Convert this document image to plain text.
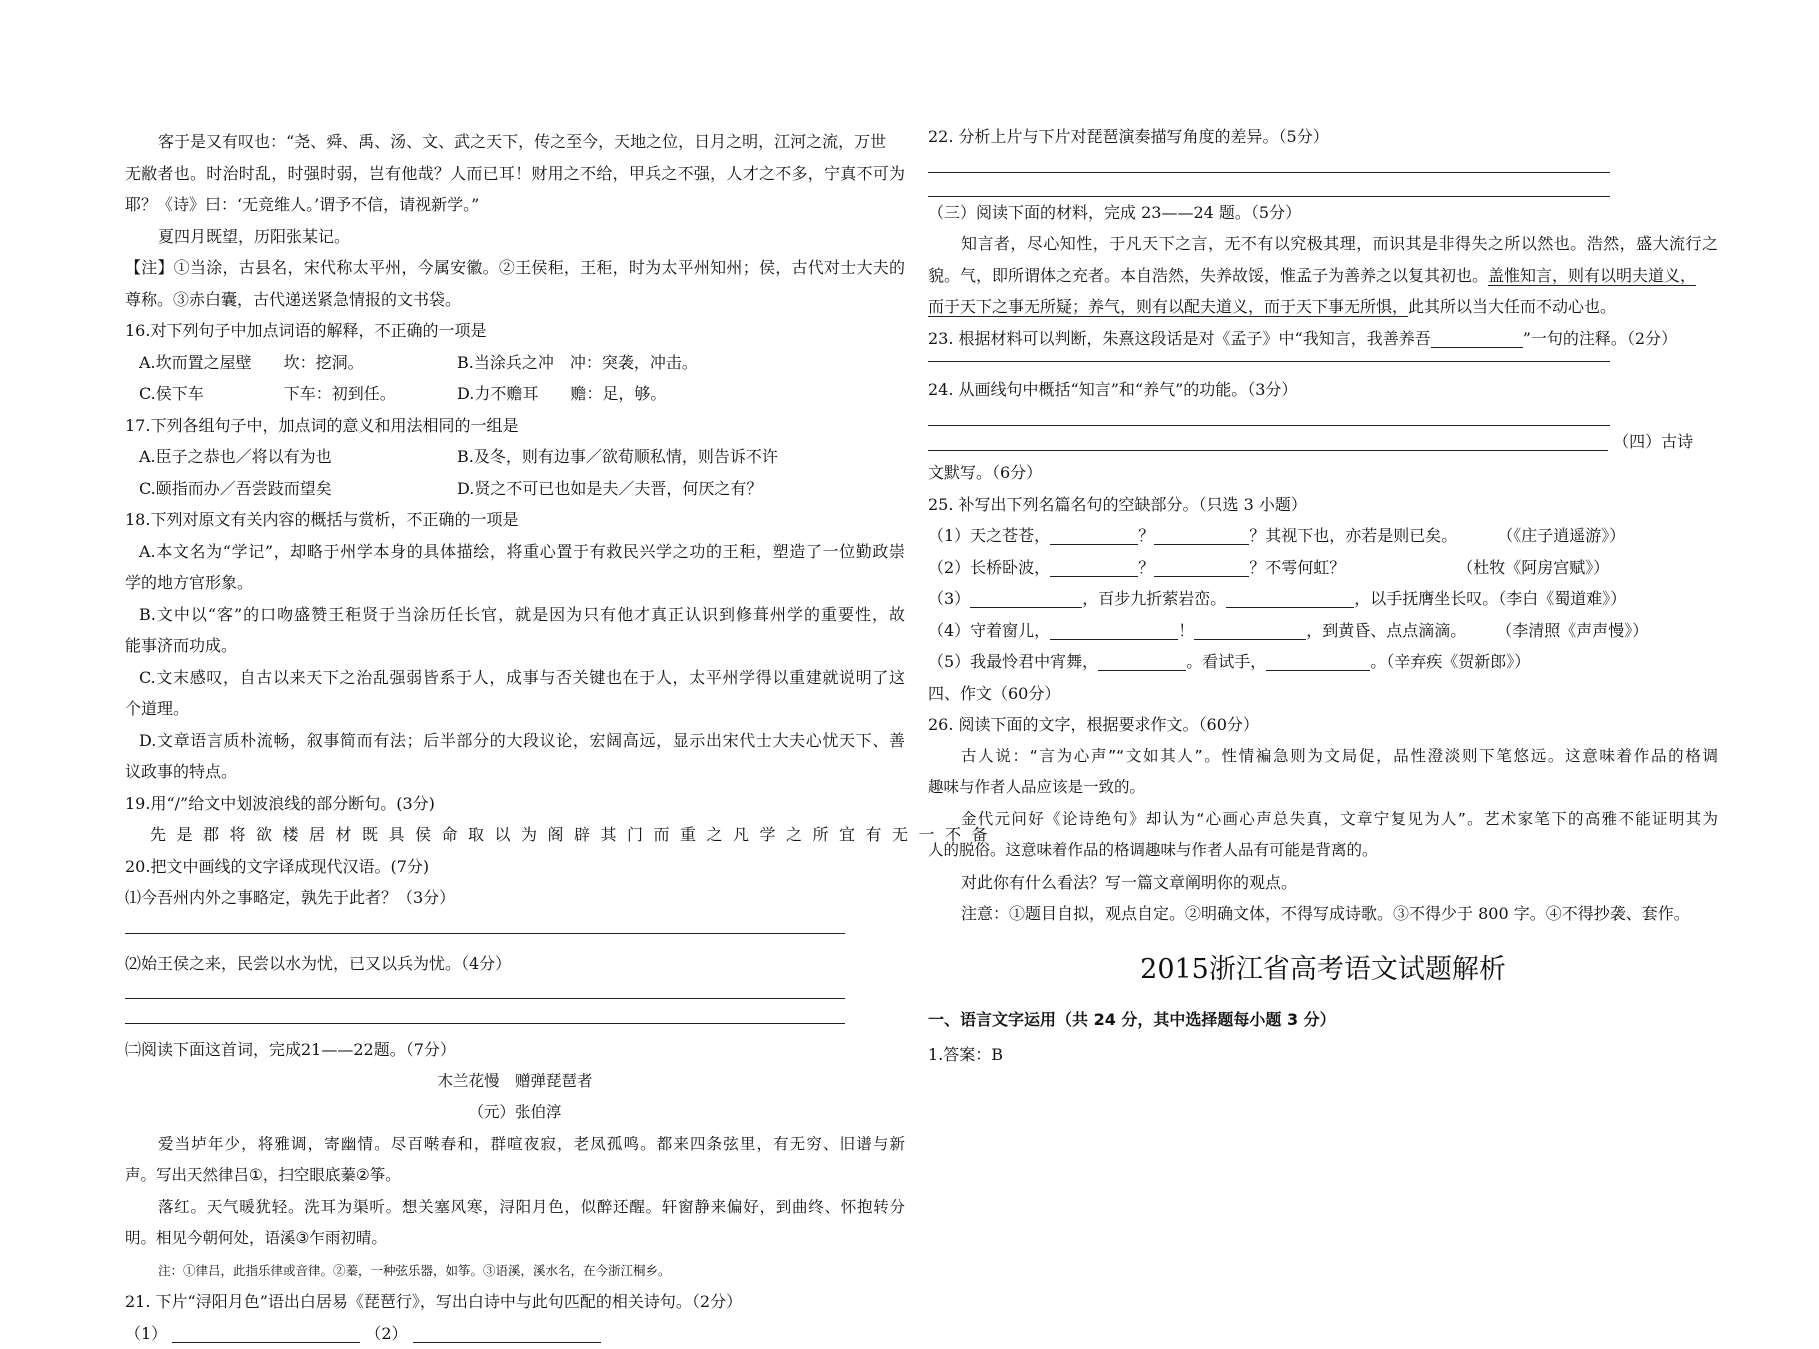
客于是又有叹也：“尧、舜、禹、汤、文、武之天下，传之至今，天地之位，日月之明，江河之流，万世
无敝者也。时治时乱，时强时弱，岂有他哉？人而已耳！财用之不给，甲兵之不强，人才之不多，宁真不可为
耶？《诗》曰：‘无竞维人。’谓予不信，请视新学。”
夏四月既望，历阳张某记。
【注】①当涂，古县名，宋代称太平州，今属安徽。②王侯秬，王秬，时为太平州知州；侯，古代对士大夫的
尊称。③赤白囊，古代递送紧急情报的文书袋。
16.对下列句子中加点词语的解释，不正确的一项是
A.坎而置之屋壁　　坎：挖洞。	B.当涂兵之冲　冲：突袭，冲击。
C.侯下车　　　　　下车：初到任。	D.力不赡耳　　赡：足，够。
17.下列各组句子中，加点词的意义和用法相同的一组是
A.臣子之恭也／将以有为也	B.及冬，则有边事／欲荀顺私情，则告诉不许
C.颐指而办／吾尝跂而望矣	D.贤之不可已也如是夫／夫晋，何厌之有？
18.下列对原文有关内容的概括与赏析，不正确的一项是
A.本文名为“学记”，却略于州学本身的具体描绘，将重心置于有救民兴学之功的王秬，塑造了一位勤政崇
学的地方官形象。
B.文中以“客”的口吻盛赞王秬贤于当涂历任长官，就是因为只有他才真正认识到修葺州学的重要性，故
能事济而功成。
C.文末感叹，自古以来天下之治乱强弱皆系于人，成事与否关键也在于人，太平州学得以重建就说明了这
个道理。
D.文章语言质朴流畅，叙事简而有法；后半部分的大段议论，宏阔高远，显示出宋代士大夫心忧天下、善
议政事的特点。
19.用“/”给文中划波浪线的部分断句。(3分)
先是郡将欲楼居材既具侯命取以为阁辟其门而重之凡学之所宜有无一不备
20.把文中画线的文字译成现代汉语。(7分)
⑴今吾州内外之事略定，孰先于此者？（3分）
⑵始王侯之来，民尝以水为忧，已又以兵为忧。（4分）
㈡阅读下面这首词，完成21——22题。（7分）
木兰花慢　赠弹琵琶者
（元）张伯淳
爱当垆年少，将雅调，寄幽情。尽百啭春和，群喧夜寂，老凤孤鸣。都来四条弦里，有无穷、旧谱与新
声。写出天然律吕①，扫空眼底蓁②筝。
落红。天气暖犹轻。洗耳为渠听。想关塞风寒，浔阳月色，似醉还醒。轩窗静来偏好，到曲终、怀抱转分
明。相见今朝何处，语溪③乍雨初晴。
注：①律吕，此指乐律或音律。②蓁，一种弦乐器，如筝。③语溪，溪水名，在今浙江桐乡。
21. 下片“浔阳月色”语出白居易《琵琶行》，写出白诗中与此句匹配的相关诗句。（2分）
（1）	（2）
22. 分析上片与下片对琵琶演奏描写角度的差异。（5分）
（三）阅读下面的材料，完成 23——24 题。（5分）
知言者，尽心知性，于凡天下之言，无不有以究极其理，而识其是非得失之所以然也。浩然，盛大流行之
貌。气，即所谓体之充者。本自浩然，失养故馁，惟孟子为善养之以复其初也。盖惟知言，则有以明夫道义，
而于天下之事无所疑；养气，则有以配夫道义，而于天下事无所惧，此其所以当大任而不动心也。
23. 根据材料可以判断，朱熹这段话是对《孟子》中“我知言，我善养吾	”一句的注释。（2分）
24. 从画线句中概括“知言”和“养气”的功能。（3分）
（四）古诗
文默写。（6分）
25. 补写出下列名篇名句的空缺部分。（只选 3 小题）
（1）天之苍苍，	？	？其视下也，亦若是则已矣。	（《庄子逍遥游》）
（2）长桥卧波，	？	？不雩何虹？	（杜牧《阿房宫赋》）
（3）	，百步九折萦岩峦。	，以手抚膺坐长叹。（李白《蜀道难》）
（4）守着窗儿，	！	，到黄昏、点点滴滴。 （李清照《声声慢》）
（5）我最怜君中宵舞，	。看试手，	。（辛弃疾《贺新郎》）
四、作文（60分）
26. 阅读下面的文字，根据要求作文。（60分）
古人说：“言为心声”“文如其人”。性情褊急则为文局促，品性澄淡则下笔悠远。这意味着作品的格调
趣味与作者人品应该是一致的。
金代元问好《论诗绝句》却认为“心画心声总失真，文章宁复见为人”。艺术家笔下的高雅不能证明其为
人的脱俗。这意味着作品的格调趣味与作者人品有可能是背离的。
对此你有什么看法？写一篇文章阐明你的观点。
注意：①题目自拟，观点自定。②明确文体，不得写成诗歌。③不得少于 800 字。④不得抄袭、套作。
2015浙江省高考语文试题解析
一、语言文字运用（共 24 分，其中选择题每小题 3 分）
1.答案：B
